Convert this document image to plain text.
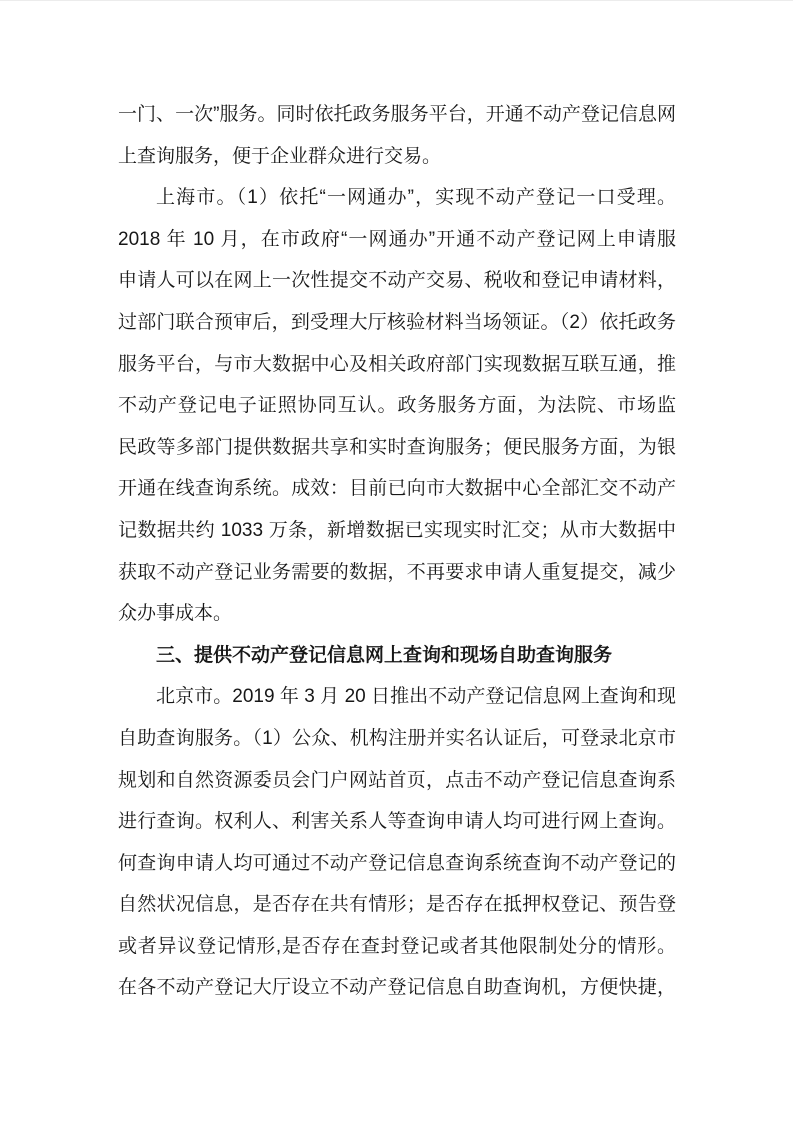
一门、一次”服务。同时依托政务服务平台，开通不动产登记信息网
上查询服务，便于企业群众进行交易。
上海市。（1）依托“一网通办”，实现不动产登记一口受理。
2018 年 10 月，在市政府“一网通办”开通不动产登记网上申请服
申请人可以在网上一次性提交不动产交易、税收和登记申请材料，
过部门联合预审后，到受理大厅核验材料当场领证。（2）依托政务
服务平台，与市大数据中心及相关政府部门实现数据互联互通，推
不动产登记电子证照协同互认。政务服务方面，为法院、市场监
民政等多部门提供数据共享和实时查询服务；便民服务方面，为银
开通在线查询系统。成效：目前已向市大数据中心全部汇交不动产
记数据共约 1033 万条，新增数据已实现实时汇交；从市大数据中
获取不动产登记业务需要的数据，不再要求申请人重复提交，减少
众办事成本。
三、提供不动产登记信息网上查询和现场自助查询服务
北京市。2019 年 3 月 20 日推出不动产登记信息网上查询和现
自助查询服务。（1）公众、机构注册并实名认证后，可登录北京市
规划和自然资源委员会门户网站首页，点击不动产登记信息查询系
进行查询。权利人、利害关系人等查询申请人均可进行网上查询。
何查询申请人均可通过不动产登记信息查询系统查询不动产登记的
自然状况信息，是否存在共有情形；是否存在抵押权登记、预告登
或者异议登记情形,是否存在查封登记或者其他限制处分的情形。
在各不动产登记大厅设立不动产登记信息自助查询机，方便快捷，
